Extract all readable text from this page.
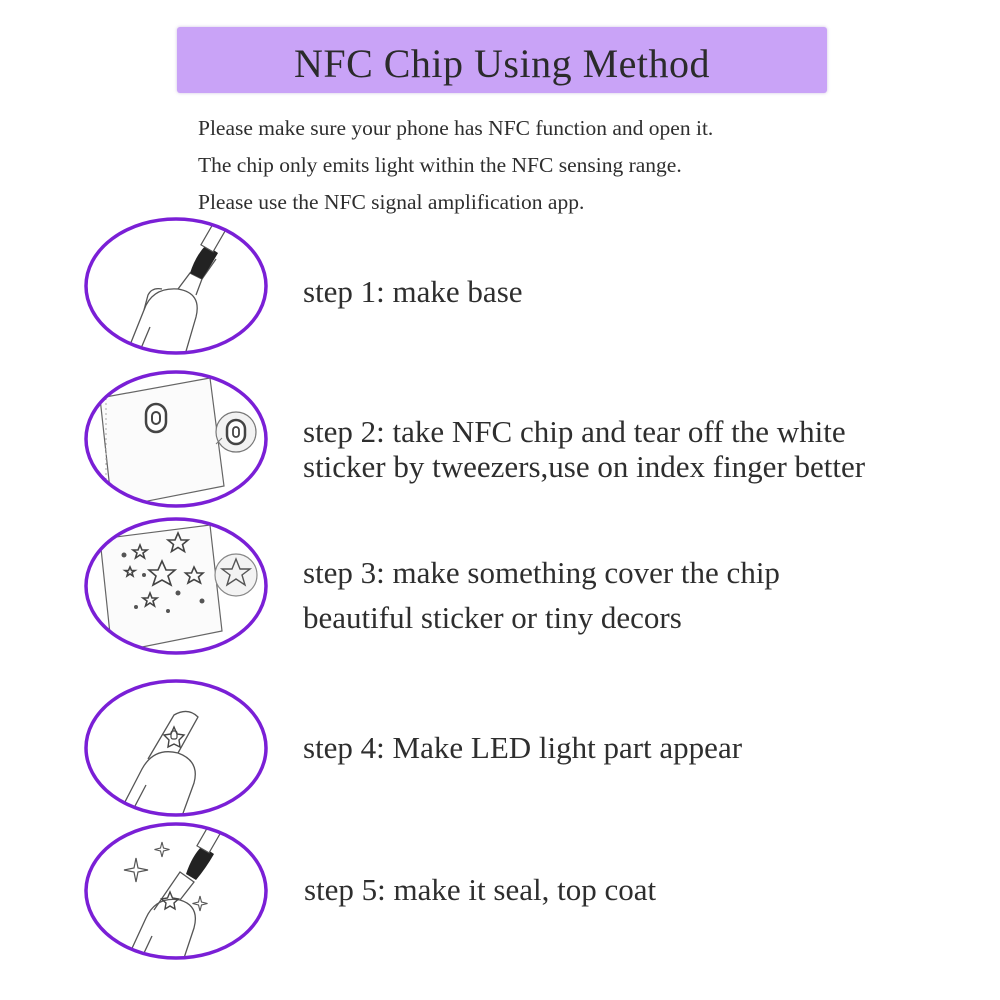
NFC Chip Using Method

Please make sure your phone has NFC function and open it.

The chip only emits light within the NFC sensing range.

Please use the NFC signal amplification app.

step 1: make base
step 2: take NFC chip and tear off the white
sticker by tweezers,use on index finger better
step 3: make something cover the chip
beautiful sticker or tiny decors
step 4: Make LED light part appear
step 5: make it seal, top coat
